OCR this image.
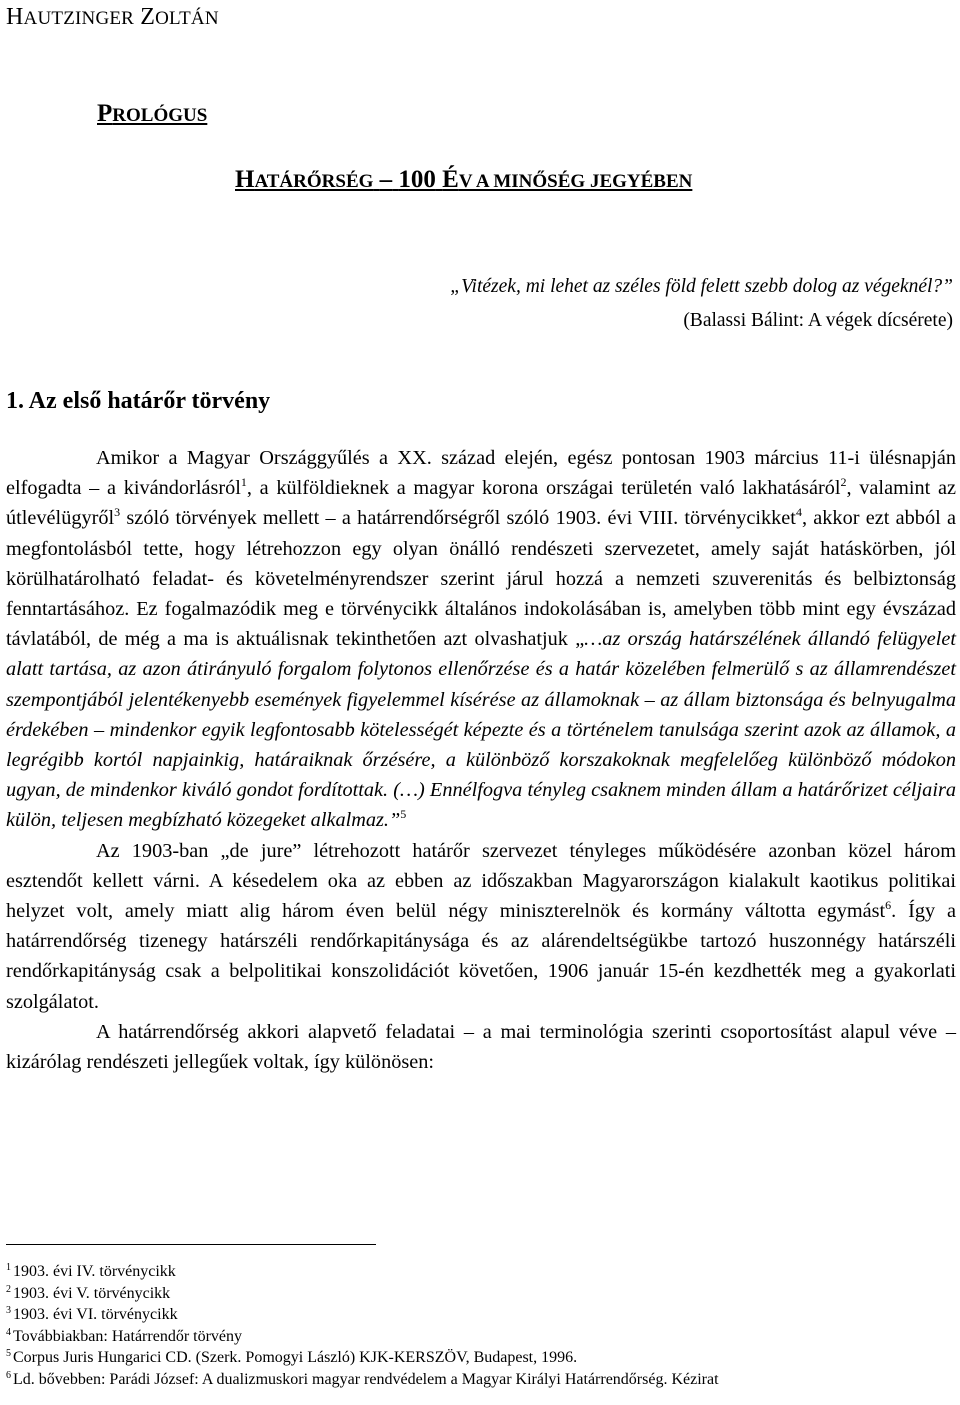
HAUTZINGER ZOLTÁN
PROLÓGUS
HATÁRŐRSÉG – 100 ÉV A MINŐSÉG JEGYÉBEN
„Vitézek, mi lehet az széles föld felett szebb dolog az végeknél?”
(Balassi Bálint: A végek dícsérete)
1. Az első határőr törvény

Amikor a Magyar Országgyűlés a XX. század elején, egész pontosan 1903 március 11-i ülésnapján elfogadta – a kivándorlásról$^1$, a külföldieknek a magyar korona országai területén való lakhatásáról$^2$, valamint az útlevélügyről$^3$ szóló törvények mellett – a határrendőrségről szóló 1903. évi VIII. törvénycikket$^4$, akkor ezt abból a megfontolásból tette, hogy létrehozzon egy olyan önálló rendészeti szervezetet, amely saját hatáskörben, jól körülhatárolható feladat- és követelményrendszer szerint járul hozzá a nemzeti szuverenitás és belbiztonság fenntartásához. Ez fogalmazódik meg e törvénycikk általános indokolásában is, amelyben több mint egy évszázad távlatából, de még a ma is aktuálisnak tekinthetően azt olvashatjuk „…az ország határszélének állandó felügyelet alatt tartása, az azon átirányuló forgalom folytonos ellenőrzése és a határ közelében felmerülő s az államrendészet szempontjából jelentékenyebb események figyelemmel kísérése az államoknak – az állam biztonsága és belnyugalma érdekében – mindenkor egyik legfontosabb kötelességét képezte és a történelem tanulsága szerint azok az államok, a legrégibb kortól napjainkig, határaiknak őrzésére, a különböző korszakoknak megfelelőeg különböző módokon ugyan, de mindenkor kiváló gondot fordítottak. (…) Ennélfogva tényleg csaknem minden állam a határőrizet céljaira külön, teljesen megbízható közegeket alkalmaz.”$^5$

Az 1903-ban „de jure” létrehozott határőr szervezet tényleges működésére azonban közel három esztendőt kellett várni. A késedelem oka az ebben az időszakban Magyarországon kialakult kaotikus politikai helyzet volt, amely miatt alig három éven belül négy miniszterelnök és kormány váltotta egymást$^6$. Így a határrendőrség tizenegy határszéli rendőrkapitánysága és az alárendeltségükbe tartozó huszonnégy határszéli rendőrkapitányság csak a belpolitikai konszolidációt követően, 1906 január 15-én kezdhették meg a gyakorlati szolgálatot.

A határrendőrség akkori alapvető feladatai – a mai terminológia szerinti csoportosítást alapul véve – kizárólag rendészeti jellegűek voltak, így különösen:

$^1$ 1903. évi IV. törvénycikk
$^2$ 1903. évi V. törvénycikk
$^3$ 1903. évi VI. törvénycikk
$^4$ Továbbiakban: Határrendőr törvény
$^5$ Corpus Juris Hungarici CD. (Szerk. Pomogyi László) KJK-KERSZÖV, Budapest, 1996.
$^6$ Ld. bővebben: Parádi József: A dualizmuskori magyar rendvédelem a Magyar Királyi Határrendőrség. Kézirat
